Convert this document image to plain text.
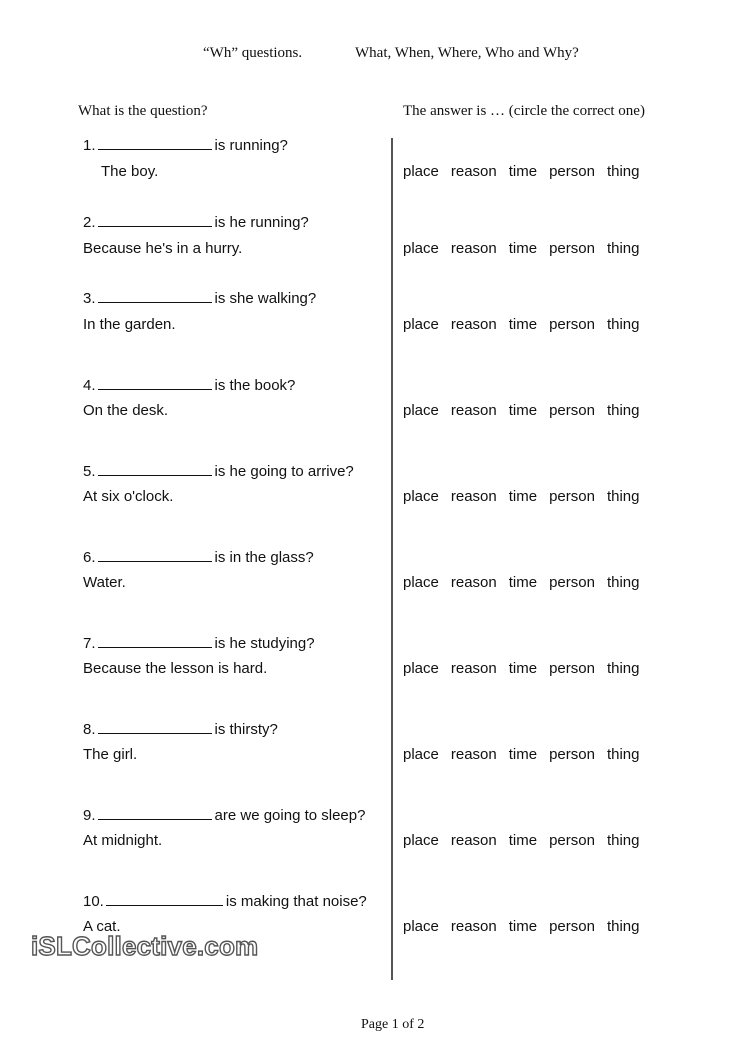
“Wh” questions.	What, When, Where, Who and Why?
What is the question?	The answer is … (circle the correct one)
1.	is running?
The boy.	place reason time person thing
2.	is he running?
Because he's in a hurry.	place reason time person thing
3.	is she walking?
In the garden.	place reason time person thing
4.	is the book?
On the desk.	place reason time person thing
5.	is he going to arrive?
At six o'clock.	place reason time person thing
6.	is in the glass?
Water.	place reason time person thing
7.	is he studying?
Because the lesson is hard.	place reason time person thing
8.	is thirsty?
The girl.	place reason time person thing
9.	are we going to sleep?
At midnight.	place reason time person thing
10.	is making that noise?
A cat.	place reason time person thing
iSLCollective.com
Page 1 of 2
